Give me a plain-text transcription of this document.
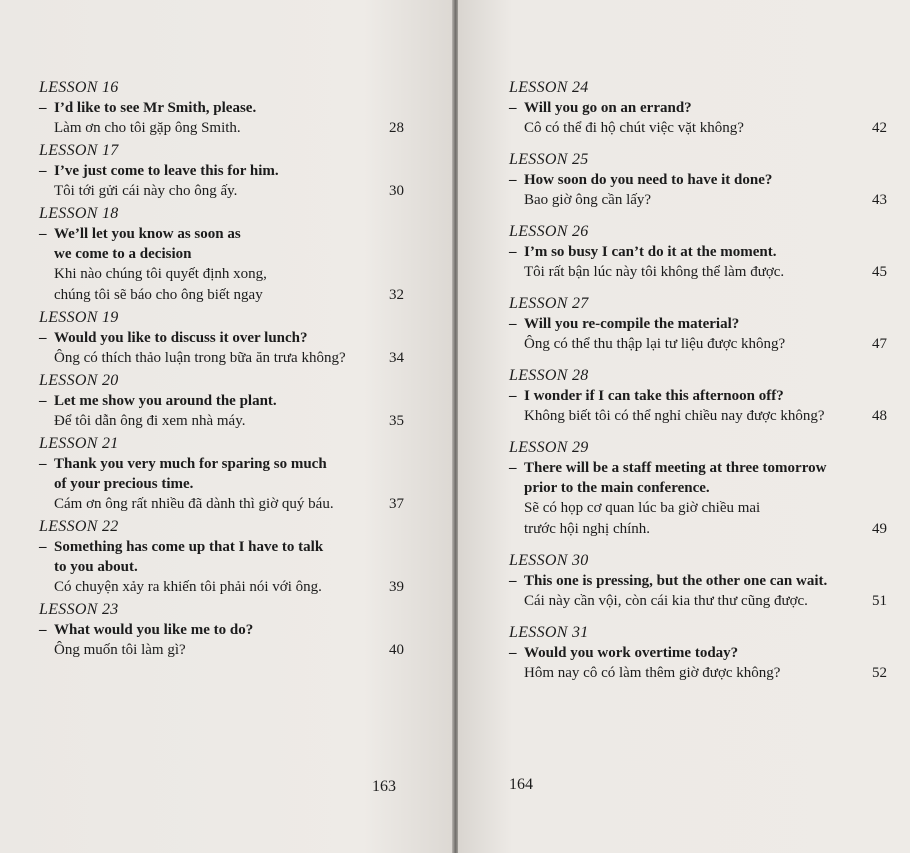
LESSON 16
– I’d like to see Mr Smith, please.
Làm ơn cho tôi gặp ông Smith.	28
LESSON 17
– I’ve just come to leave this for him.
Tôi tới gửi cái này cho ông ấy.	30
LESSON 18
– We’ll let you know as soon as
we come to a decision
Khi nào chúng tôi quyết định xong,
chúng tôi sẽ báo cho ông biết ngay	32
LESSON 19
– Would you like to discuss it over lunch?
Ông có thích thảo luận trong bữa ăn trưa không?	34
LESSON 20
– Let me show you around the plant.
Để tôi dẫn ông đi xem nhà máy.	35
LESSON 21
– Thank you very much for sparing so much
of your precious time.
Cám ơn ông rất nhiều đã dành thì giờ quý báu.	37
LESSON 22
– Something has come up that I have to talk
to you about.
Có chuyện xảy ra khiến tôi phải nói với ông.	39
LESSON 23
– What would you like me to do?
Ông muốn tôi làm gì?	40
163
LESSON 24
– Will you go on an errand?
Cô có thể đi hộ chút việc vặt không?	42
LESSON 25
– How soon do you need to have it done?
Bao giờ ông cần lấy?	43
LESSON 26
– I’m so busy I can’t do it at the moment.
Tôi rất bận lúc này tôi không thể làm được.	45
LESSON 27
– Will you re-compile the material?
Ông có thể thu thập lại tư liệu được không?	47
LESSON 28
– I wonder if I can take this afternoon off?
Không biết tôi có thể nghỉ chiều nay được không?	48
LESSON 29
– There will be a staff meeting at three tomorrow
prior to the main conference.
Sẽ có họp cơ quan lúc ba giờ chiều mai
trước hội nghị chính.	49
LESSON 30
– This one is pressing, but the other one can wait.
Cái này cần vội, còn cái kia thư thư cũng được.	51
LESSON 31
– Would you work overtime today?
Hôm nay cô có làm thêm giờ được không?	52
164
